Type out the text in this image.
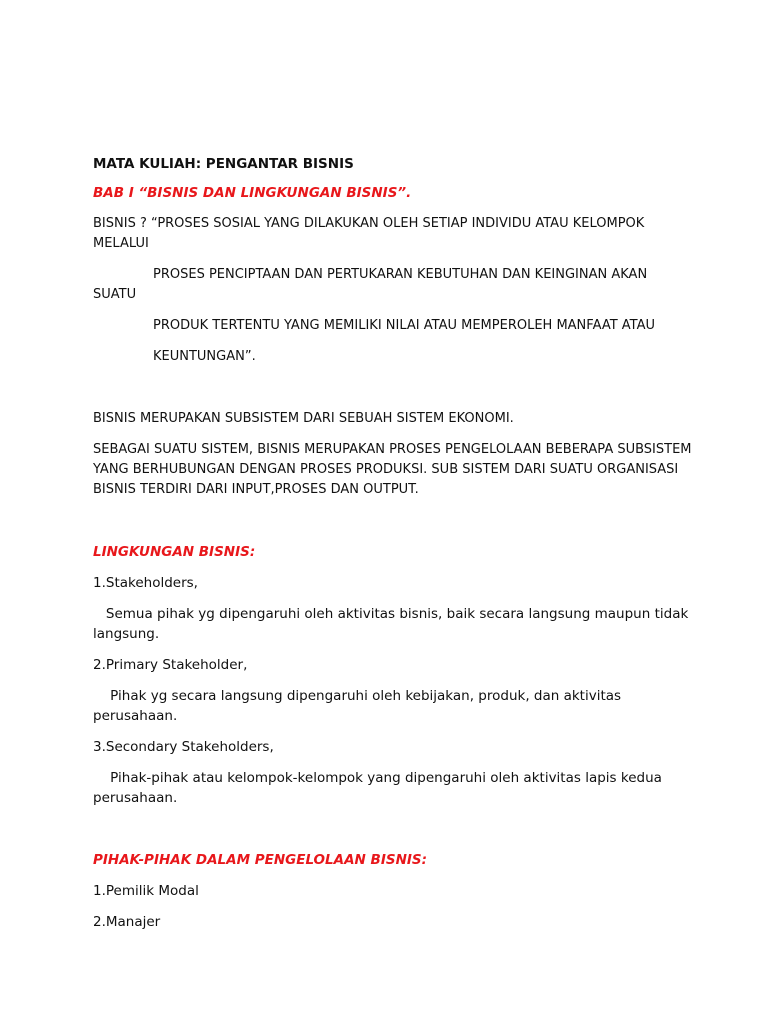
MATA KULIAH: PENGANTAR BISNIS

BAB I “BISNIS DAN LINGKUNGAN BISNIS”.

BISNIS ? “PROSES SOSIAL YANG DILAKUKAN OLEH SETIAP INDIVIDU ATAU KELOMPOK MELALUI

PROSES PENCIPTAAN DAN PERTUKARAN KEBUTUHAN DAN KEINGINAN AKAN SUATU

PRODUK TERTENTU YANG MEMILIKI NILAI ATAU MEMPEROLEH MANFAAT ATAU

KEUNTUNGAN”.

BISNIS MERUPAKAN SUBSISTEM DARI SEBUAH SISTEM EKONOMI.

SEBAGAI SUATU SISTEM, BISNIS MERUPAKAN PROSES PENGELOLAAN BEBERAPA SUBSISTEM YANG BERHUBUNGAN DENGAN PROSES PRODUKSI. SUB SISTEM DARI SUATU ORGANISASI BISNIS TERDIRI DARI INPUT,PROSES DAN OUTPUT.

LINGKUNGAN BISNIS:

1.Stakeholders,

Semua pihak yg dipengaruhi oleh aktivitas bisnis, baik secara langsung maupun tidak langsung.

2.Primary Stakeholder,

Pihak yg secara langsung dipengaruhi oleh kebijakan, produk, dan aktivitas perusahaan.

3.Secondary Stakeholders,

Pihak-pihak atau kelompok-kelompok yang dipengaruhi oleh aktivitas lapis kedua perusahaan.

PIHAK-PIHAK DALAM PENGELOLAAN BISNIS:

1.Pemilik Modal

2.Manajer
